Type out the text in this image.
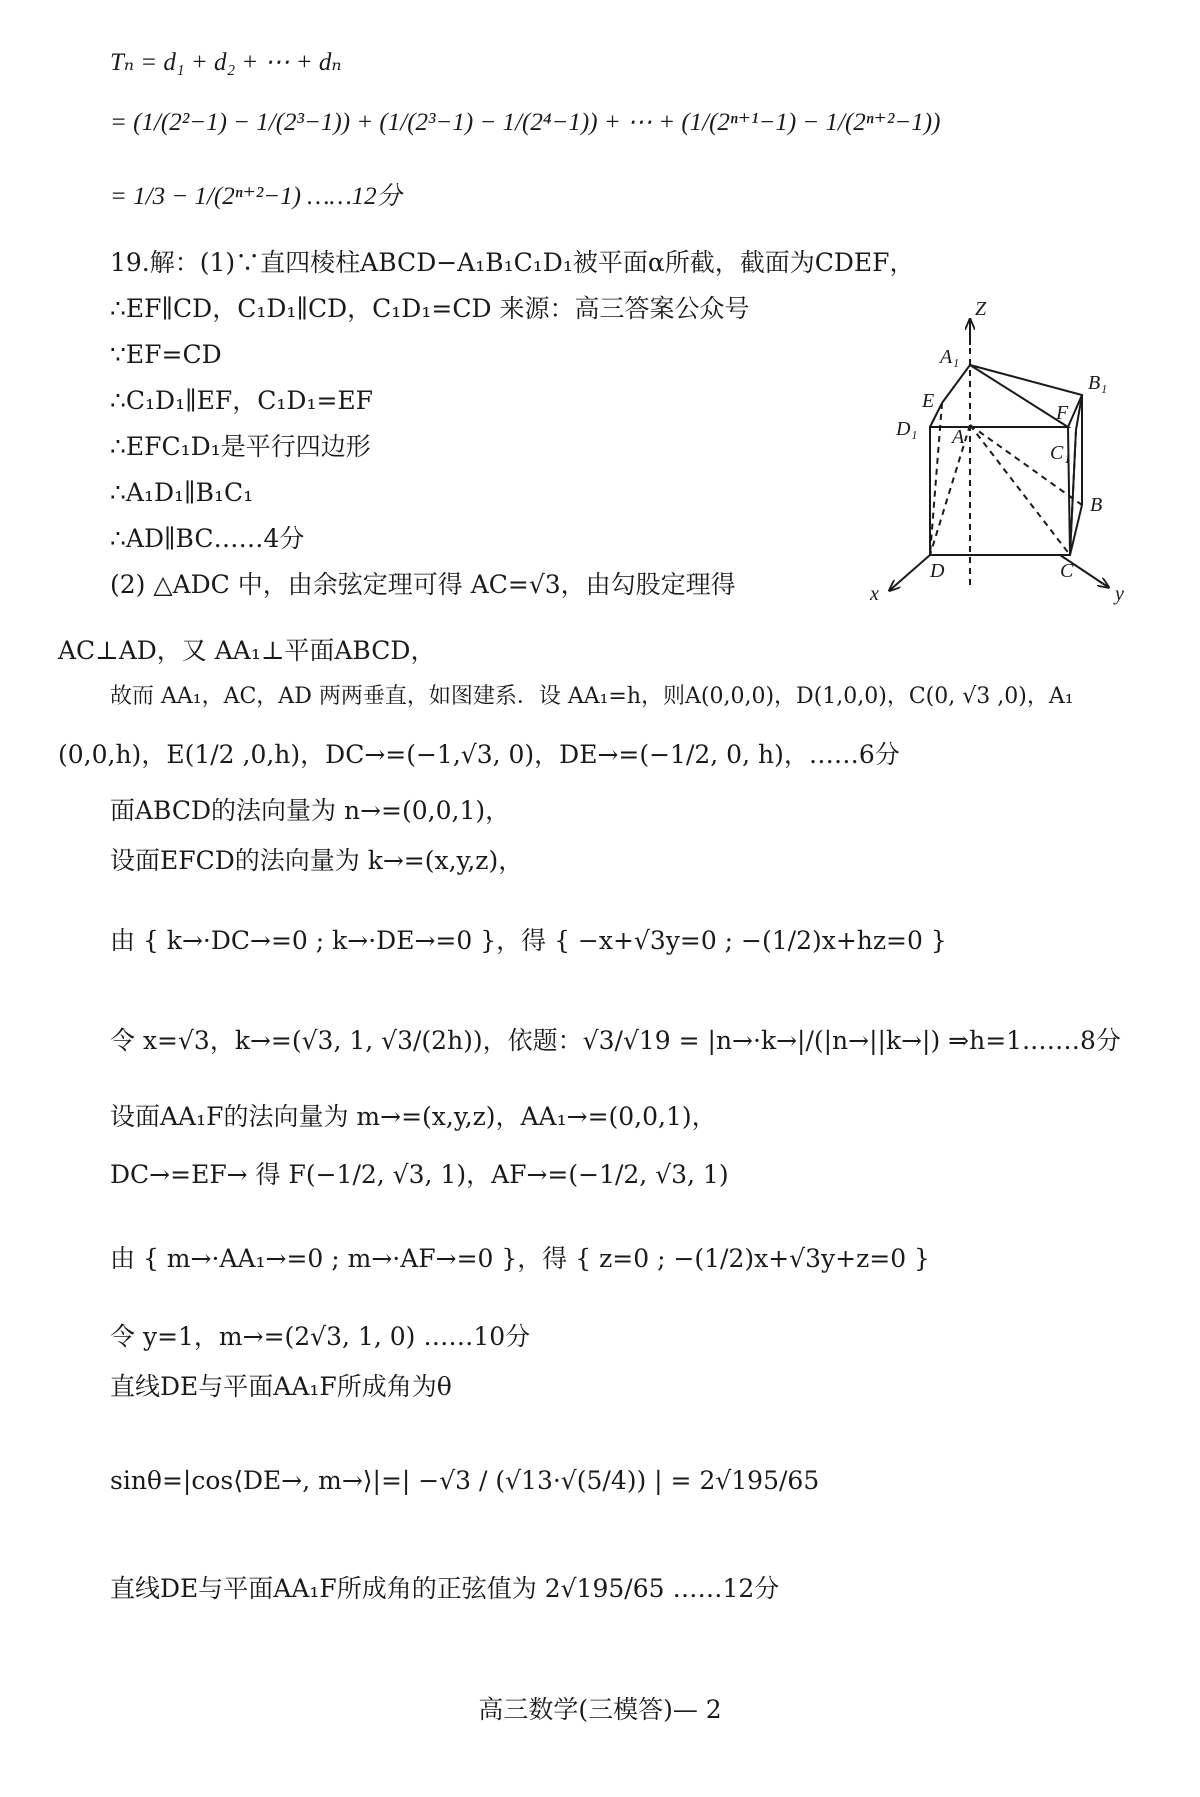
Tₙ = d₁ + d₂ + ⋯ + dₙ
= (1/(2²−1) − 1/(2³−1)) + (1/(2³−1) − 1/(2⁴−1)) + ⋯ + (1/(2ⁿ⁺¹−1) − 1/(2ⁿ⁺²−1))
= 1/3 − 1/(2ⁿ⁺²−1) ……12分
19.解：(1)∵直四棱柱ABCD−A₁B₁C₁D₁被平面α所截，截面为CDEF，
∴EF∥CD，C₁D₁∥CD，C₁D₁=CD 来源：高三答案公众号
∵EF=CD
∴C₁D₁∥EF，C₁D₁=EF
∴EFC₁D₁是平行四边形
∴A₁D₁∥B₁C₁
∴AD∥BC……4分
(2) △ADC 中，由余弦定理可得 AC=√3，由勾股定理得
AC⊥AD，又 AA₁⊥平面ABCD，
故而 AA₁，AC，AD 两两垂直，如图建系．设 AA₁=h，则A(0,0,0)，D(1,0,0)，C(0, √3 ,0)，A₁
(0,0,h)，E(1/2 ,0,h)，DC→=(−1,√3, 0)，DE→=(−1/2, 0, h)，……6分
面ABCD的法向量为 n→=(0,0,1)，
设面EFCD的法向量为 k→=(x,y,z)，
由 { k→·DC→=0 ; k→·DE→=0 }，得 { −x+√3y=0 ; −(1/2)x+hz=0 }
令 x=√3，k→=(√3, 1, √3/(2h))，依题：√3/√19 = |n→·k→|/(|n→||k→|) ⇒h=1.……8分
设面AA₁F的法向量为 m→=(x,y,z)，AA₁→=(0,0,1)，
DC→=EF→ 得 F(−1/2, √3, 1)，AF→=(−1/2, √3, 1)
由 { m→·AA₁→=0 ; m→·AF→=0 }，得 { z=0 ; −(1/2)x+√3y+z=0 }
令 y=1，m→=(2√3, 1, 0) ……10分
直线DE与平面AA₁F所成角为θ
sinθ=|cos⟨DE→, m→⟩|=| −√3 / (√13·√(5/4)) | = 2√195/65
直线DE与平面AA₁F所成角的正弦值为 2√195/65 ……12分
Z
x	y
A₁
B₁
E
F
D₁
C₁
A
B
D	C
高三数学(三模答)— 2
